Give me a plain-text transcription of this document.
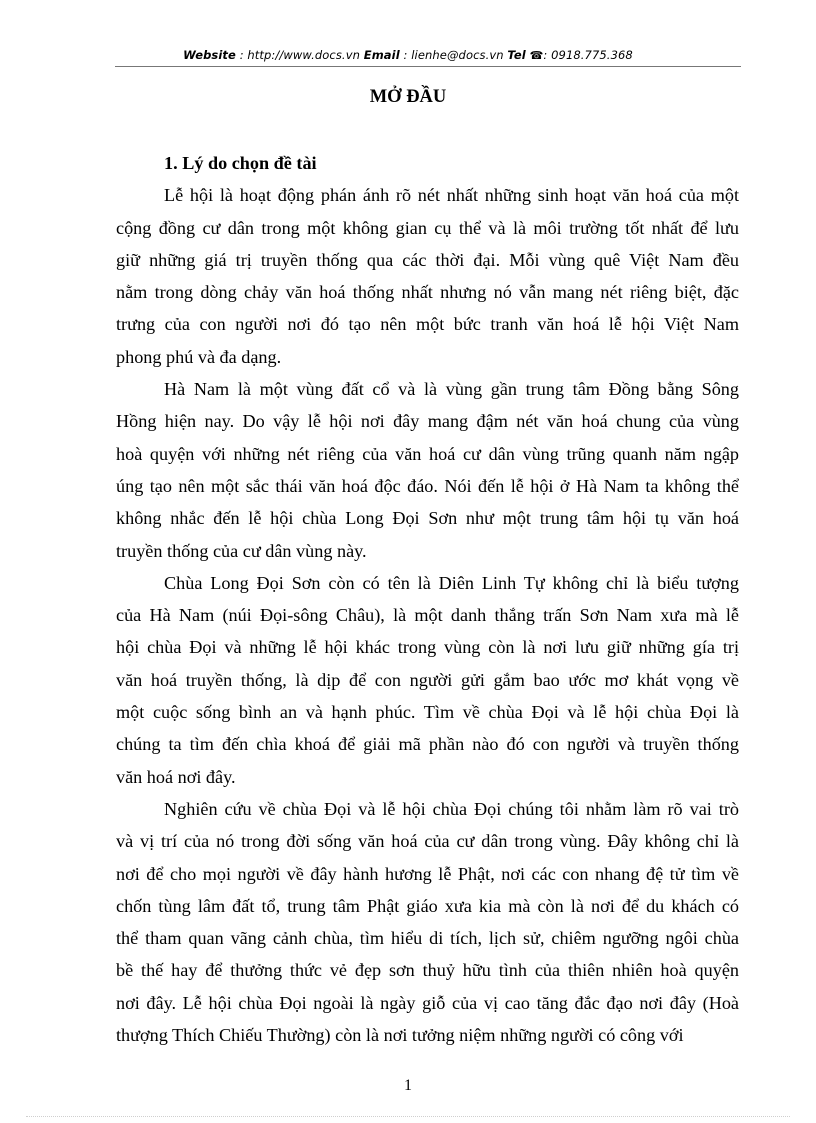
Website : http://www.docs.vn Email : lienhe@docs.vn Tel ☎: 0918.775.368
MỞ ĐẦU

1. Lý do chọn đề tài

Lễ hội là hoạt động phán ánh rõ nét nhất những sinh hoạt văn hoá của một
cộng đồng cư dân trong một không gian cụ thể và là môi trường tốt nhất để lưu
giữ những giá trị truyền thống qua các thời đại. Mỗi vùng quê Việt Nam đều
nằm trong dòng chảy văn hoá thống nhất nhưng nó vẫn mang nét riêng biệt, đặc
trưng của con người nơi đó tạo nên một bức tranh văn hoá lễ hội Việt Nam
phong phú và đa dạng.
Hà Nam là một vùng đất cổ và là vùng gần trung tâm Đồng bằng Sông
Hồng hiện nay. Do vậy lễ hội nơi đây mang đậm nét văn hoá chung của vùng
hoà quyện với những nét riêng của văn hoá cư dân vùng trũng quanh năm ngập
úng tạo nên một sắc thái văn hoá độc đáo. Nói đến lễ hội ở Hà Nam ta không thể
không nhắc đến lễ hội chùa Long Đọi Sơn như một trung tâm hội tụ văn hoá
truyền thống của cư dân vùng này.
Chùa Long Đọi Sơn còn có tên là Diên Linh Tự không chỉ là biểu tượng
của Hà Nam (núi Đọi-sông Châu), là một danh thắng trấn Sơn Nam xưa mà lễ
hội chùa Đọi và những lễ hội khác trong vùng còn là nơi lưu giữ những gía trị
văn hoá truyền thống, là dịp để con người gửi gắm bao ước mơ khát vọng về
một cuộc sống bình an và hạnh phúc. Tìm về chùa Đọi và lễ hội chùa Đọi là
chúng ta tìm đến chìa khoá để giải mã phần nào đó con người và truyền thống
văn hoá nơi đây.
Nghiên cứu về chùa Đọi và lễ hội chùa Đọi chúng tôi nhằm làm rõ vai trò
và vị trí của nó trong đời sống văn hoá của cư dân trong vùng. Đây không chỉ là
nơi để cho mọi người về đây hành hương lễ Phật, nơi các con nhang đệ tử tìm về
chốn tùng lâm đất tổ, trung tâm Phật giáo xưa kia mà còn là nơi để du khách có
thể tham quan vãng cảnh chùa, tìm hiểu di tích, lịch sử, chiêm ngưỡng ngôi chùa
bề thế hay để thưởng thức vẻ đẹp sơn thuỷ hữu tình của thiên nhiên hoà quyện
nơi đây. Lễ hội chùa Đọi ngoài là ngày giỗ của vị cao tăng đắc đạo nơi đây (Hoà
thượng Thích Chiếu Thường) còn là nơi tưởng niệm những người có công với
1
